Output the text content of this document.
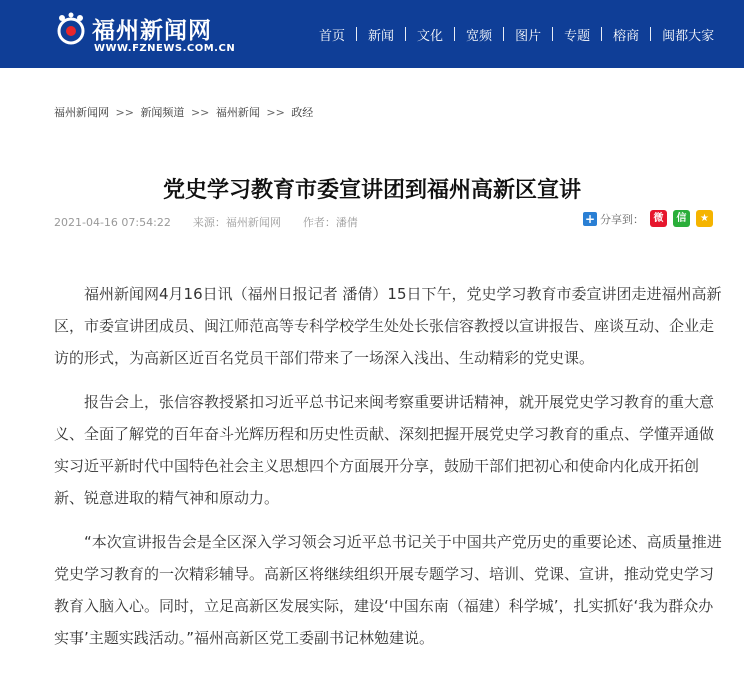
福州新闻网
WWW.FZNEWS.COM.CN
首页	新闻	文化	宽频	图片	专题	榕商	闽都大家
福州新闻网 >> 新闻频道 >> 福州新闻 >> 政经
党史学习教育市委宣讲团到福州高新区宣讲
2021-04-16 07:54:22 来源：福州新闻网 作者：潘倩	+ 分享到： 微	信	★

福州新闻网4月16日讯（福州日报记者 潘倩）15日下午，党史学习教育市委宣讲团走进福州高新区，市委宣讲团成员、闽江师范高等专科学校学生处处长张信容教授以宣讲报告、座谈互动、企业走访的形式，为高新区近百名党员干部们带来了一场深入浅出、生动精彩的党史课。

报告会上，张信容教授紧扣习近平总书记来闽考察重要讲话精神，就开展党史学习教育的重大意义、全面了解党的百年奋斗光辉历程和历史性贡献、深刻把握开展党史学习教育的重点、学懂弄通做实习近平新时代中国特色社会主义思想四个方面展开分享，鼓励干部们把初心和使命内化成开拓创新、锐意进取的精气神和原动力。

“本次宣讲报告会是全区深入学习领会习近平总书记关于中国共产党历史的重要论述、高质量推进党史学习教育的一次精彩辅导。高新区将继续组织开展专题学习、培训、党课、宣讲，推动党史学习教育入脑入心。同时，立足高新区发展实际，建设‘中国东南（福建）科学城’，扎实抓好‘我为群众办实事’主题实践活动。”福州高新区党工委副书记林勉建说。
